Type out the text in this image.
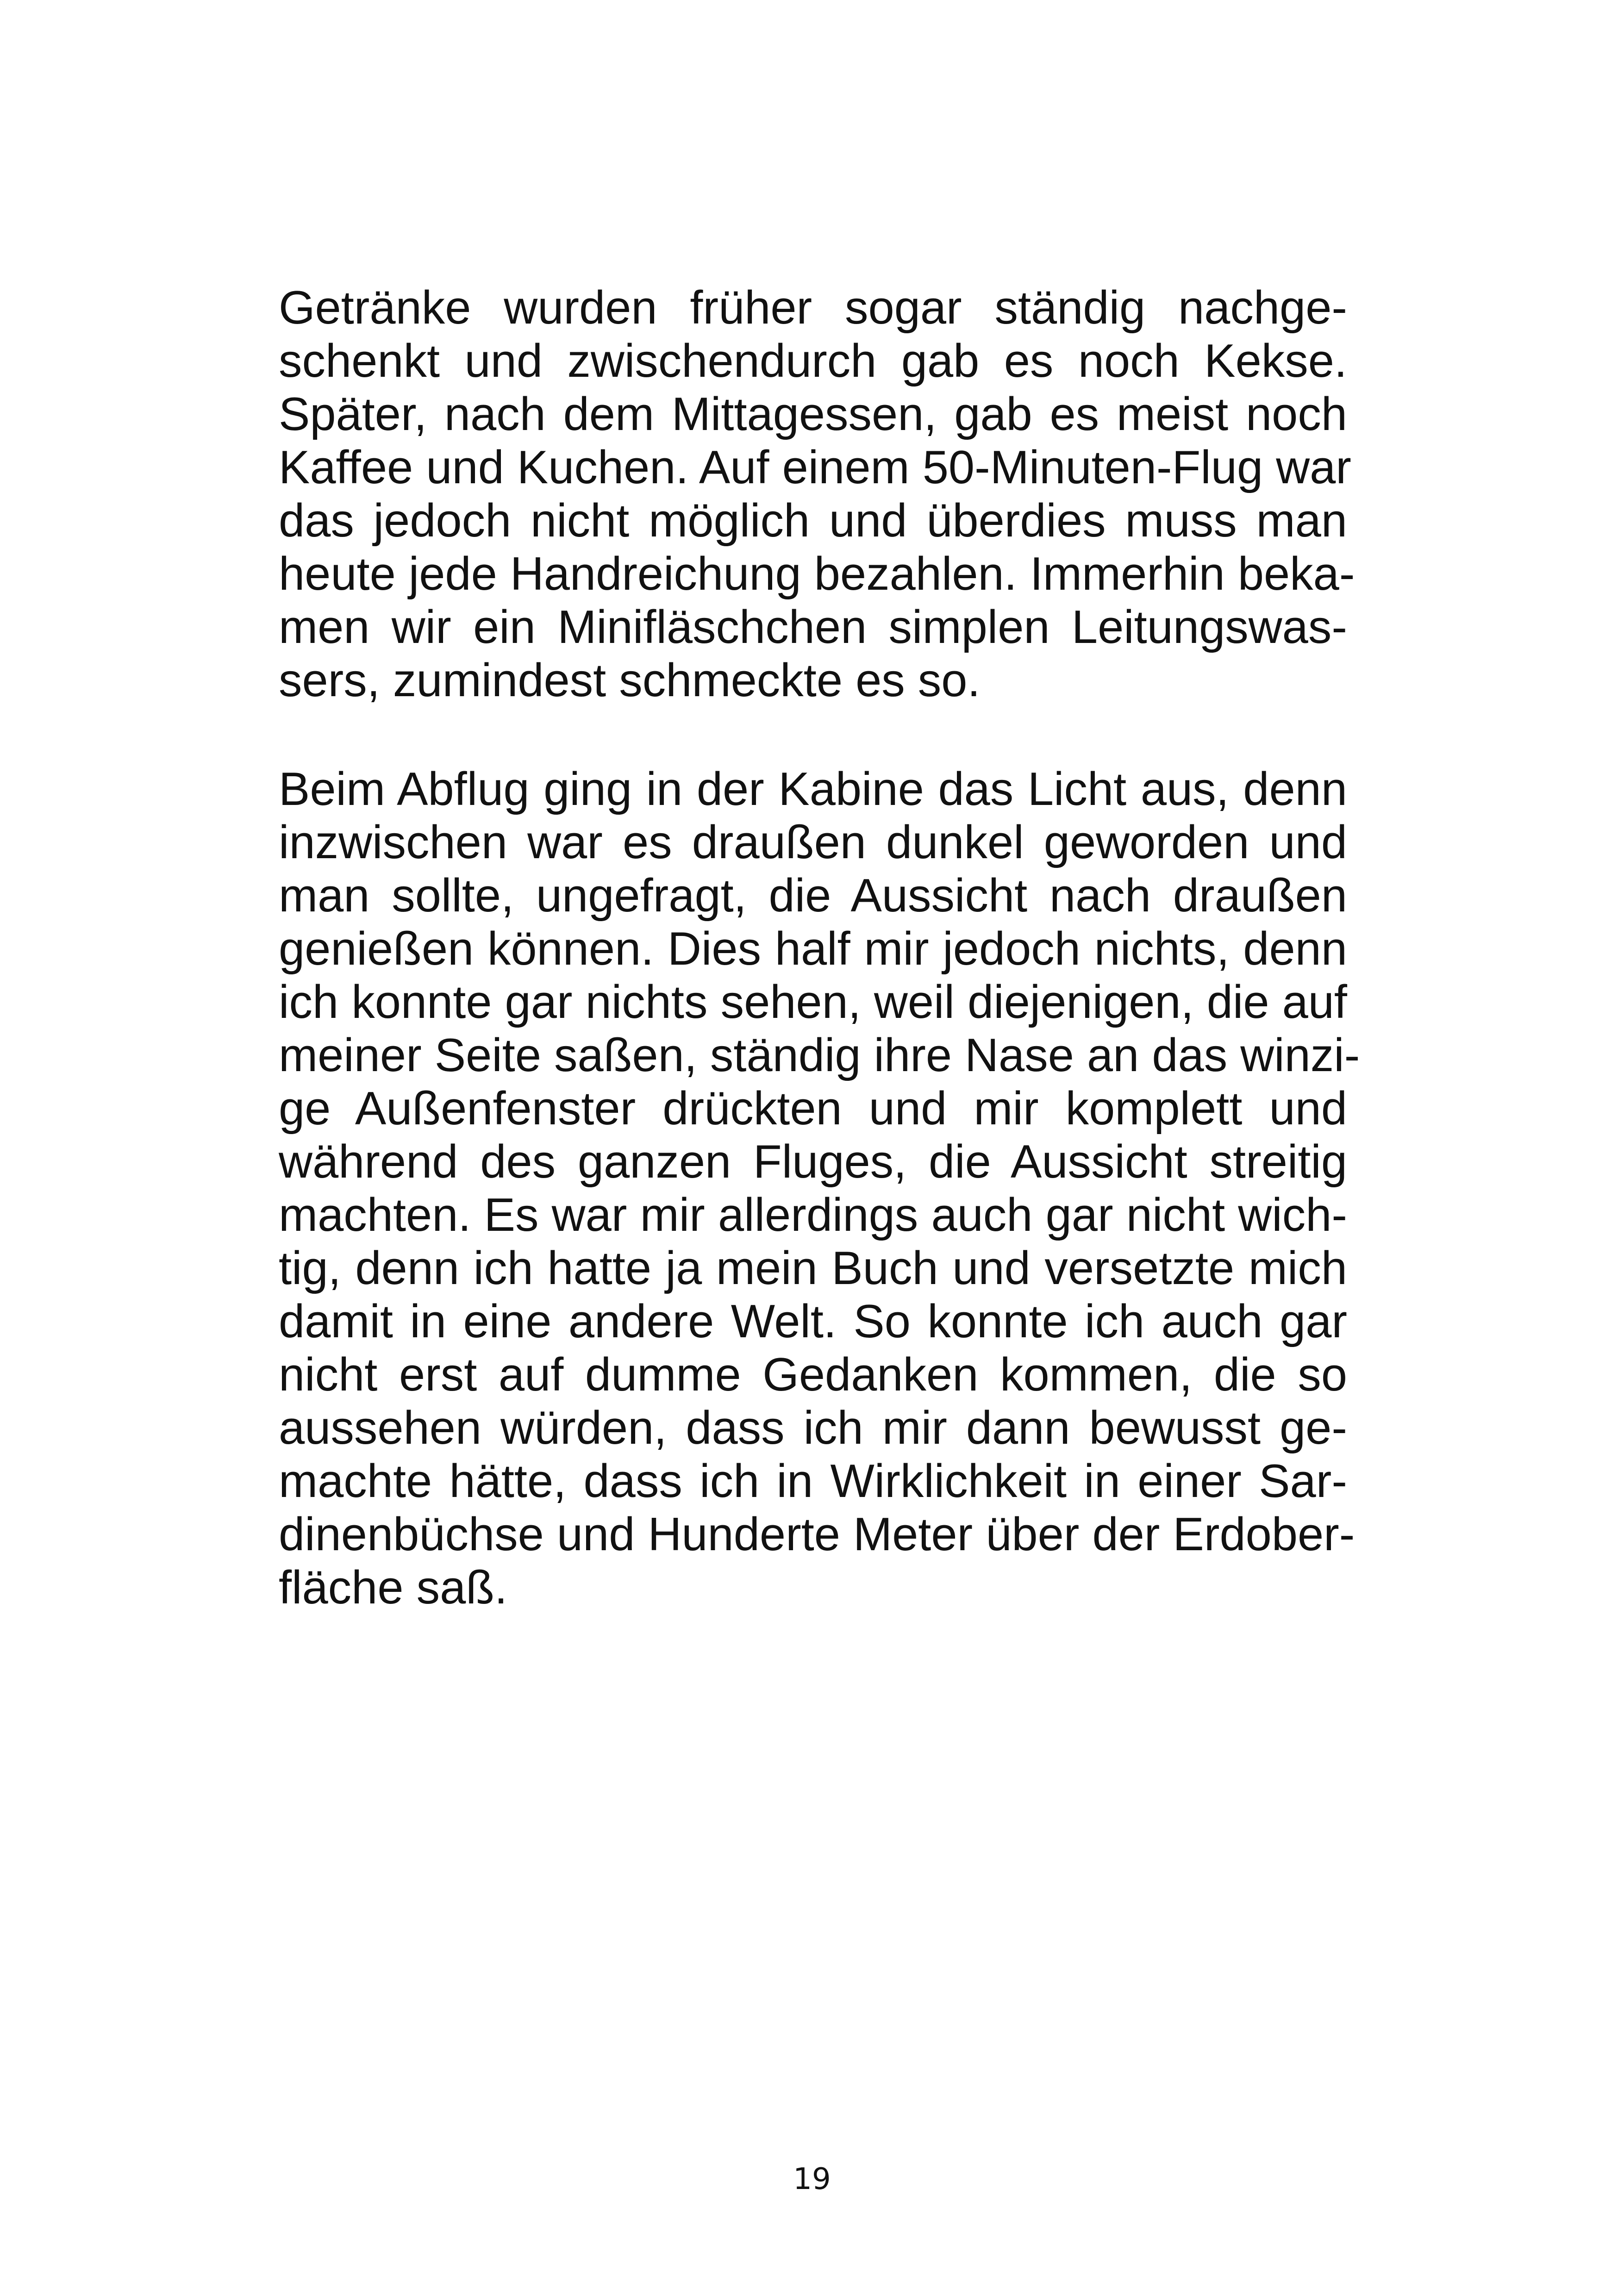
Getränke wurden früher sogar ständig nachge-
schenkt und zwischendurch gab es noch Kekse.
Später, nach dem Mittagessen, gab es meist noch
Kaffee und Kuchen. Auf einem 50-Minuten-Flug war
das jedoch nicht möglich und überdies muss man
heute jede Handreichung bezahlen. Immerhin beka-
men wir ein Minifläschchen simplen Leitungswas-
sers, zumindest schmeckte es so.
Beim Abflug ging in der Kabine das Licht aus, denn
inzwischen war es draußen dunkel geworden und
man sollte, ungefragt, die Aussicht nach draußen
genießen können. Dies half mir jedoch nichts, denn
ich konnte gar nichts sehen, weil diejenigen, die auf
meiner Seite saßen, ständig ihre Nase an das winzi-
ge Außenfenster drückten und mir komplett und
während des ganzen Fluges, die Aussicht streitig
machten. Es war mir allerdings auch gar nicht wich-
tig, denn ich hatte ja mein Buch und versetzte mich
damit in eine andere Welt. So konnte ich auch gar
nicht erst auf dumme Gedanken kommen, die so
aussehen würden, dass ich mir dann bewusst ge-
machte hätte, dass ich in Wirklichkeit in einer Sar-
dinenbüchse und Hunderte Meter über der Erdober-
fläche saß.
19
